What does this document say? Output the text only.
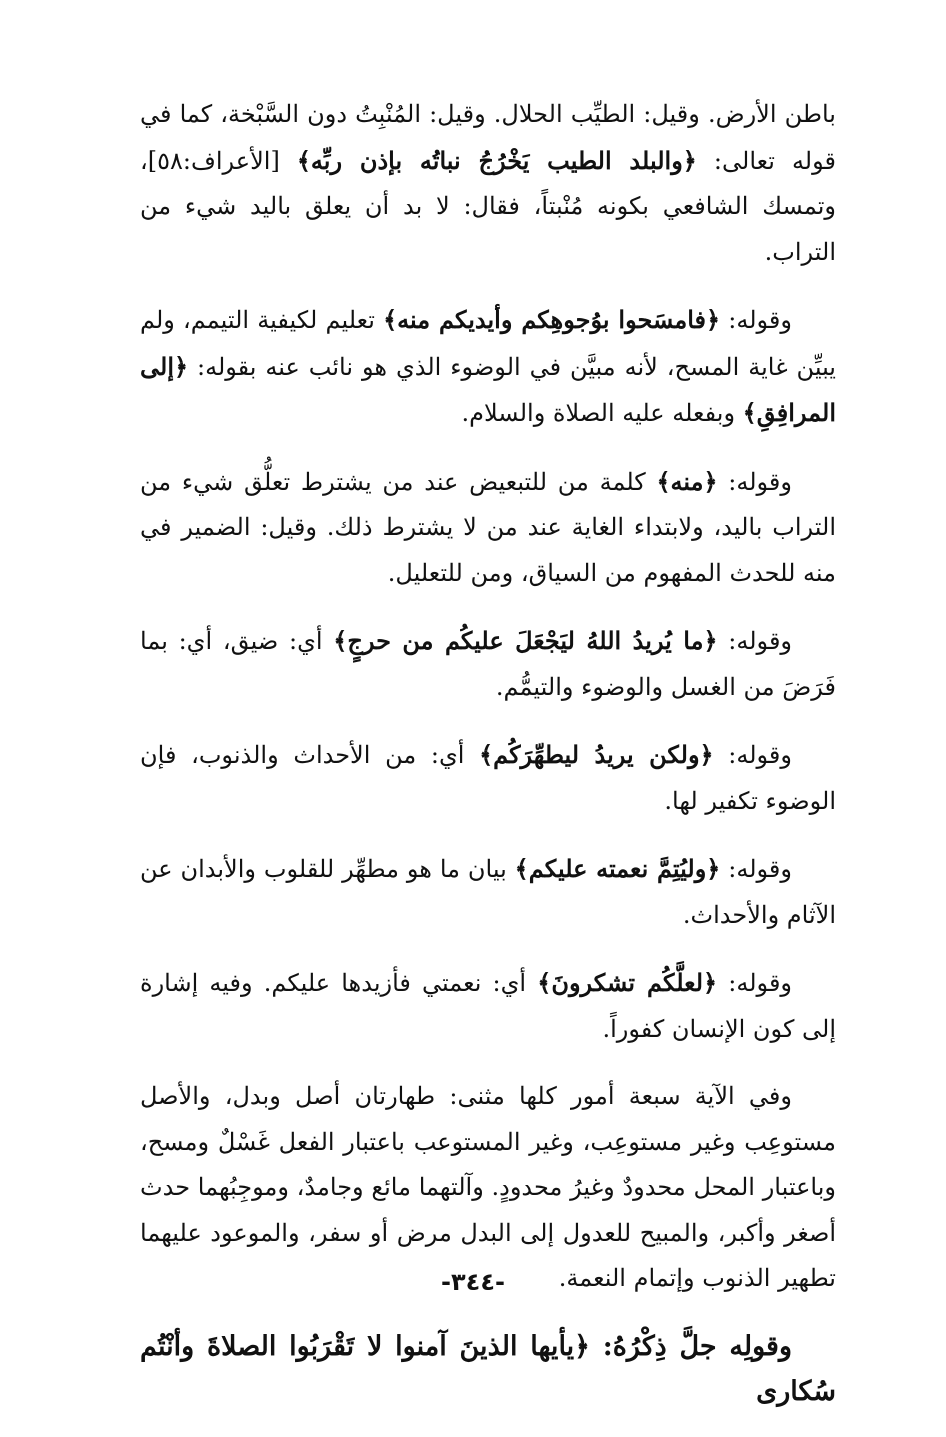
باطن الأرض. وقيل: الطيِّب الحلال. وقيل: المُنْبِتُ دون السَّبْخة، كما في قوله تعالى: ﴿والبلد الطيب يَخْرُجُ نباتُه بإذن ربِّه﴾ [الأعراف:٥٨]، وتمسك الشافعي بكونه مُنْبتاً، فقال: لا بد أن يعلق باليد شيء من التراب.

وقوله: ﴿فامسَحوا بوُجوهِكم وأيديكم منه﴾ تعليم لكيفية التيمم، ولم يبيِّن غاية المسح، لأنه مبيَّن في الوضوء الذي هو نائب عنه بقوله: ﴿إلى المرافِقِ﴾ وبفعله عليه الصلاة والسلام.

وقوله: ﴿منه﴾ كلمة من للتبعيض عند من يشترط تعلُّق شيء من التراب باليد، ولابتداء الغاية عند من لا يشترط ذلك. وقيل: الضمير في منه للحدث المفهوم من السياق، ومن للتعليل.

وقوله: ﴿ما يُريدُ اللهُ ليَجْعَلَ عليكُم من حرجٍ﴾ أي: ضيق، أي: بما فَرَضَ من الغسل والوضوء والتيمُّم.

وقوله: ﴿ولكن يريدُ ليطهِّرَكُم﴾ أي: من الأحداث والذنوب، فإن الوضوء تكفير لها.

وقوله: ﴿وليُتِمَّ نعمته عليكم﴾ بيان ما هو مطهِّر للقلوب والأبدان عن الآثام والأحداث.

وقوله: ﴿لعلَّكُم تشكرونَ﴾ أي: نعمتي فأزيدها عليكم. وفيه إشارة إلى كون الإنسان كفوراً.

وفي الآية سبعة أمور كلها مثنى: طهارتان أصل وبدل، والأصل مستوعِب وغير مستوعِب، وغير المستوعب باعتبار الفعل غَسْلٌ ومسح، وباعتبار المحل محدودٌ وغيرُ محدودٍ. وآلتهما مائع وجامدٌ، وموجِبُهما حدث أصغر وأكبر، والمبيح للعدول إلى البدل مرض أو سفر، والموعود عليهما تطهير الذنوب وإتمام النعمة.

وقولِه جلَّ ذِكْرُهُ: ﴿يأيها الذينَ آمنوا لا تَقْرَبُوا الصلاةَ وأنْتُم سُكارى

-٣٤٤-
